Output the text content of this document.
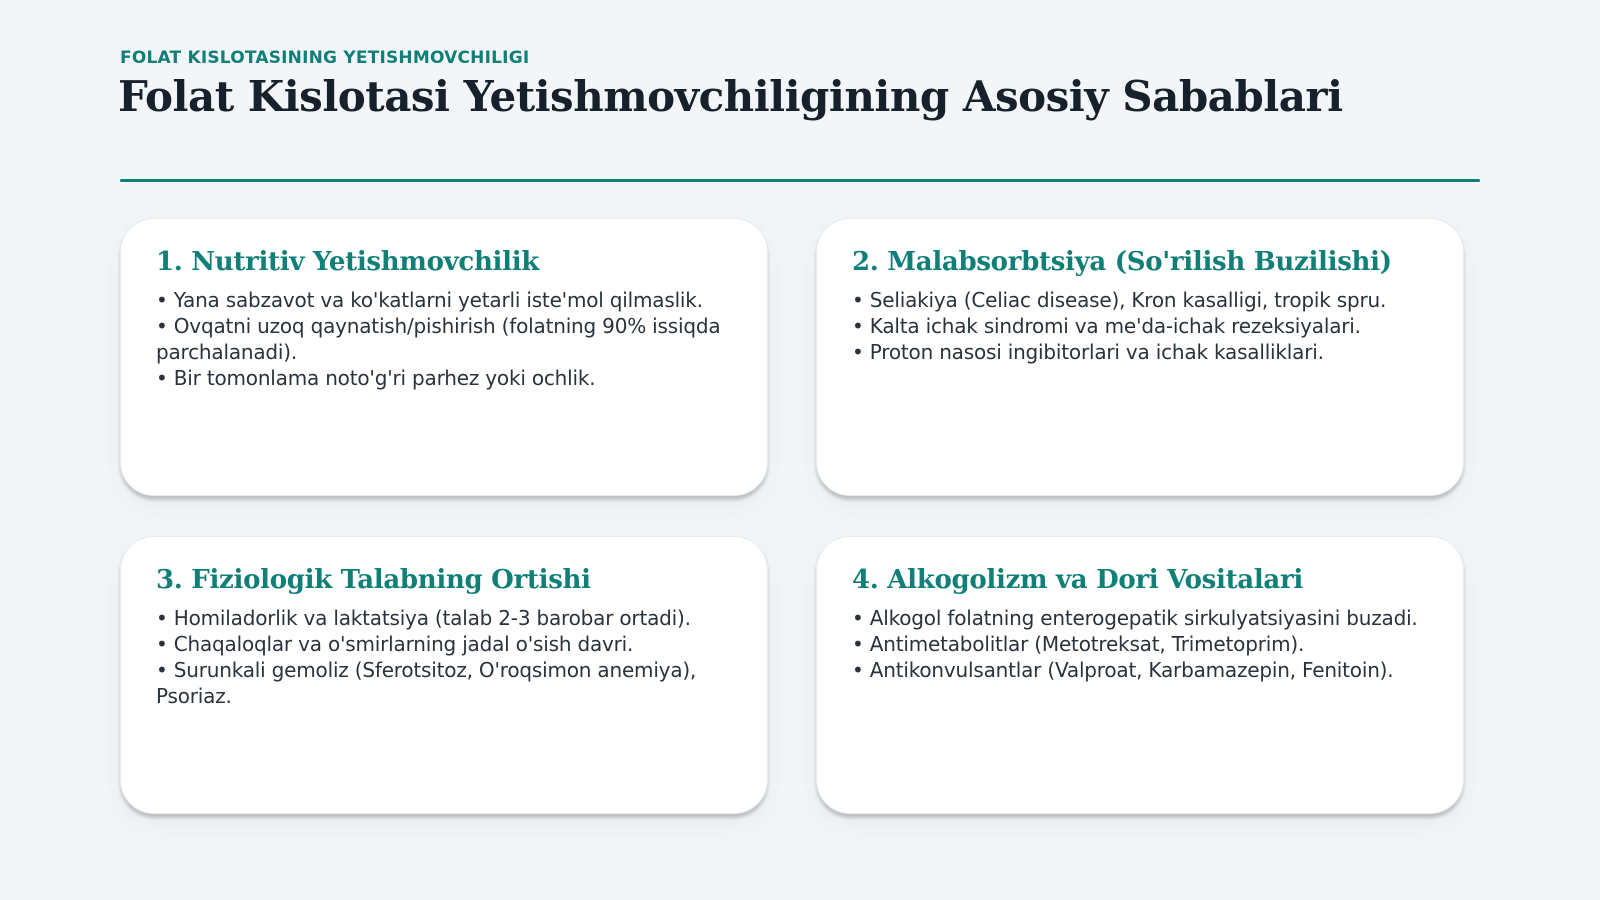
FOLAT KISLOTASINING YETISHMOVCHILIGI
Folat Kislotasi Yetishmovchiligining Asosiy Sabablari
1. Nutritiv Yetishmovchilik
• Yana sabzavot va ko'katlarni yetarli iste'mol qilmaslik.
• Ovqatni uzoq qaynatish/pishirish (folatning 90% issiqda parchalanadi).
• Bir tomonlama noto'g'ri parhez yoki ochlik.
2. Malabsorbtsiya (So'rilish Buzilishi)
• Seliakiya (Celiac disease), Kron kasalligi, tropik spru.
• Kalta ichak sindromi va me'da-ichak rezeksiyalari.
• Proton nasosi ingibitorlari va ichak kasalliklari.
3. Fiziologik Talabning Ortishi
• Homiladorlik va laktatsiya (talab 2-3 barobar ortadi).
• Chaqaloqlar va o'smirlarning jadal o'sish davri.
• Surunkali gemoliz (Sferotsitoz, O'roqsimon anemiya), Psoriaz.
4. Alkogolizm va Dori Vositalari
• Alkogol folatning enterogepatik sirkulyatsiyasini buzadi.
• Antimetabolitlar (Metotreksat, Trimetoprim).
• Antikonvulsantlar (Valproat, Karbamazepin, Fenitoin).
